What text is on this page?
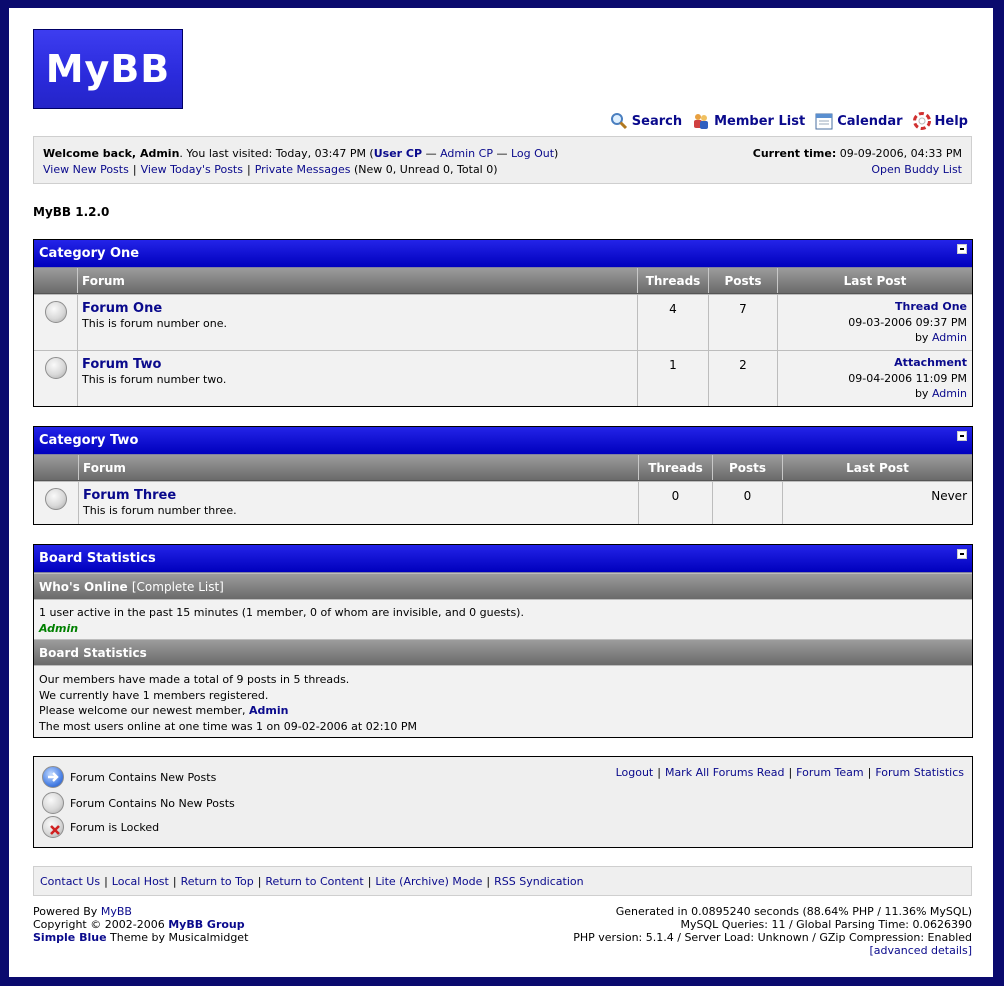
MyBB
Search Member List Calendar Help
Welcome back, Admin. You last visited: Today, 03:47 PM (User CP — Admin CP — Log Out)
View New Posts | View Today's Posts | Private Messages (New 0, Unread 0, Total 0)
Current time: 09-09-2006, 04:33 PM
Open Buddy List
MyBB 1.2.0
Category One
Forum	Threads	Posts	Last Post
Forum One
This is forum number one.
4	7	Thread One
09-03-2006 09:37 PM
by Admin
Forum Two
This is forum number two.
1	2	Attachment
09-04-2006 11:09 PM
by Admin
Category Two
Forum	Threads	Posts	Last Post
Forum Three
This is forum number three.
0	0	Never
Board Statistics
Who's Online
[Complete List]
1 user active in the past 15 minutes (1 member, 0 of whom are invisible, and 0 guests).
Admin
Board Statistics
Our members have made a total of 9 posts in 5 threads.
We currently have 1 members registered.
Please welcome our newest member, Admin
The most users online at one time was 1 on 09-02-2006 at 02:10 PM
Forum Contains New Posts
Forum Contains No New Posts
Forum is Locked
Logout | Mark All Forums Read | Forum Team | Forum Statistics
Contact Us | Local Host | Return to Top | Return to Content | Lite (Archive) Mode | RSS Syndication
Powered By MyBB
Copyright © 2002-2006 MyBB Group
Simple Blue Theme by Musicalmidget
Generated in 0.0895240 seconds (88.64% PHP / 11.36% MySQL)
MySQL Queries: 11 / Global Parsing Time: 0.0626390
PHP version: 5.1.4 / Server Load: Unknown / GZip Compression: Enabled
[advanced details]
